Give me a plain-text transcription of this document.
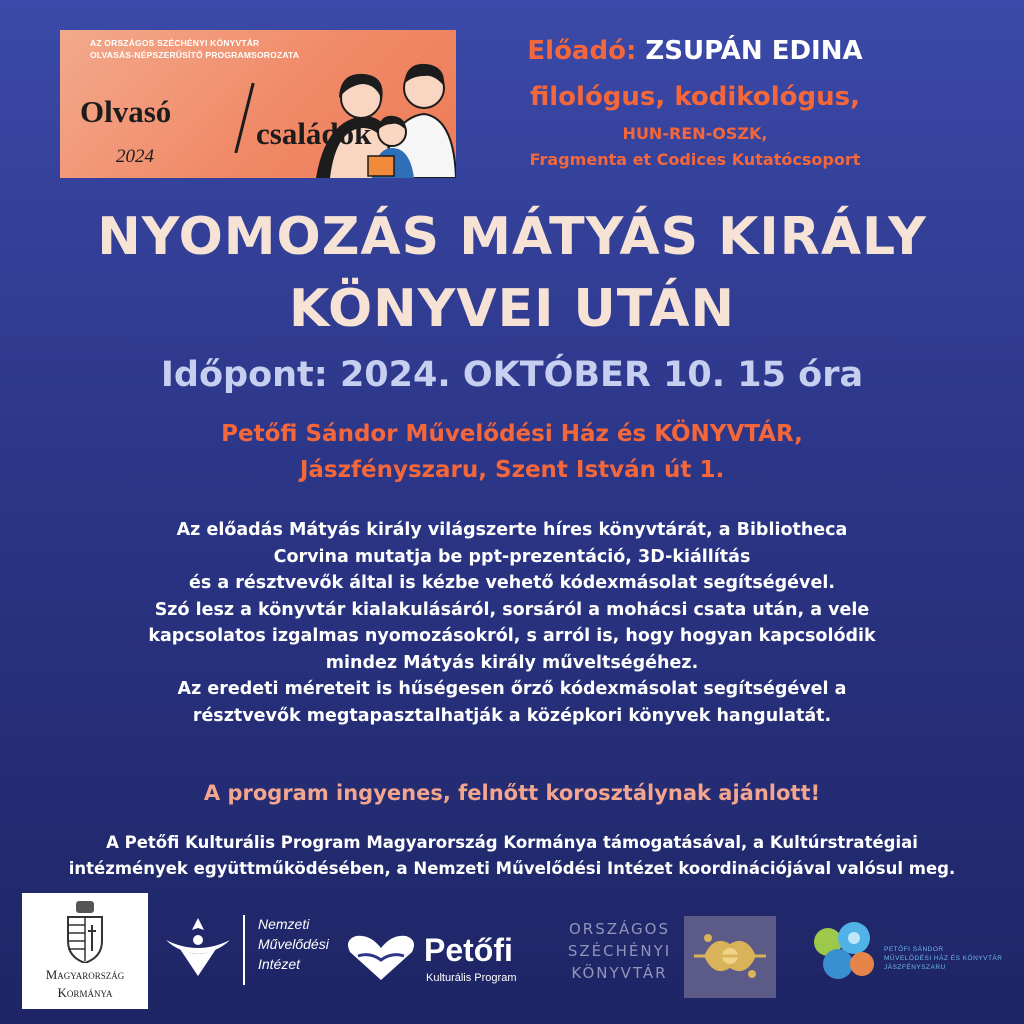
AZ ORSZÁGOS SZÉCHÉNYI KÖNYVTÁR
OLVASÁS-NÉPSZERŰSÍTŐ PROGRAMSOROZATA
Olvasó
családok
2024
Előadó: ZSUPÁN EDINA
filológus, kodikológus,
HUN-REN-OSZK,
Fragmenta et Codices Kutatócsoport
NYOMOZÁS MÁTYÁS KIRÁLY
KÖNYVEI UTÁN
Időpont: 2024. OKTÓBER 10. 15 óra
Petőfi Sándor Művelődési Ház és KÖNYVTÁR,
Jászfényszaru, Szent István út 1.
Az előadás Mátyás király világszerte híres könyvtárát, a Bibliotheca
Corvina mutatja be ppt-prezentáció, 3D-kiállítás
és a résztvevők által is kézbe vehető kódexmásolat segítségével.
Szó lesz a könyvtár kialakulásáról, sorsáról a mohácsi csata után, a vele
kapcsolatos izgalmas nyomozásokról, s arról is, hogy hogyan kapcsolódik
mindez Mátyás király műveltségéhez.
Az eredeti méreteit is hűségesen őrző kódexmásolat segítségével a
résztvevők megtapasztalhatják a középkori könyvek hangulatát.
A program ingyenes, felnőtt korosztálynak ajánlott!
A Petőfi Kulturális Program Magyarország Kormánya támogatásával, a Kultúrstratégiai
intézmények együttműködésében, a Nemzeti Művelődési Intézet koordinációjával valósul meg.
Magyarország
Kormánya
Nemzeti
Művelődési
Intézet	Petőfi
Kulturális Program
ORSZÁGOS
SZÉCHÉNYI
KÖNYVTÁR
PETŐFI SÁNDOR
MŰVELŐDÉSI HÁZ ÉS KÖNYVTÁR
JÁSZFÉNYSZARU
